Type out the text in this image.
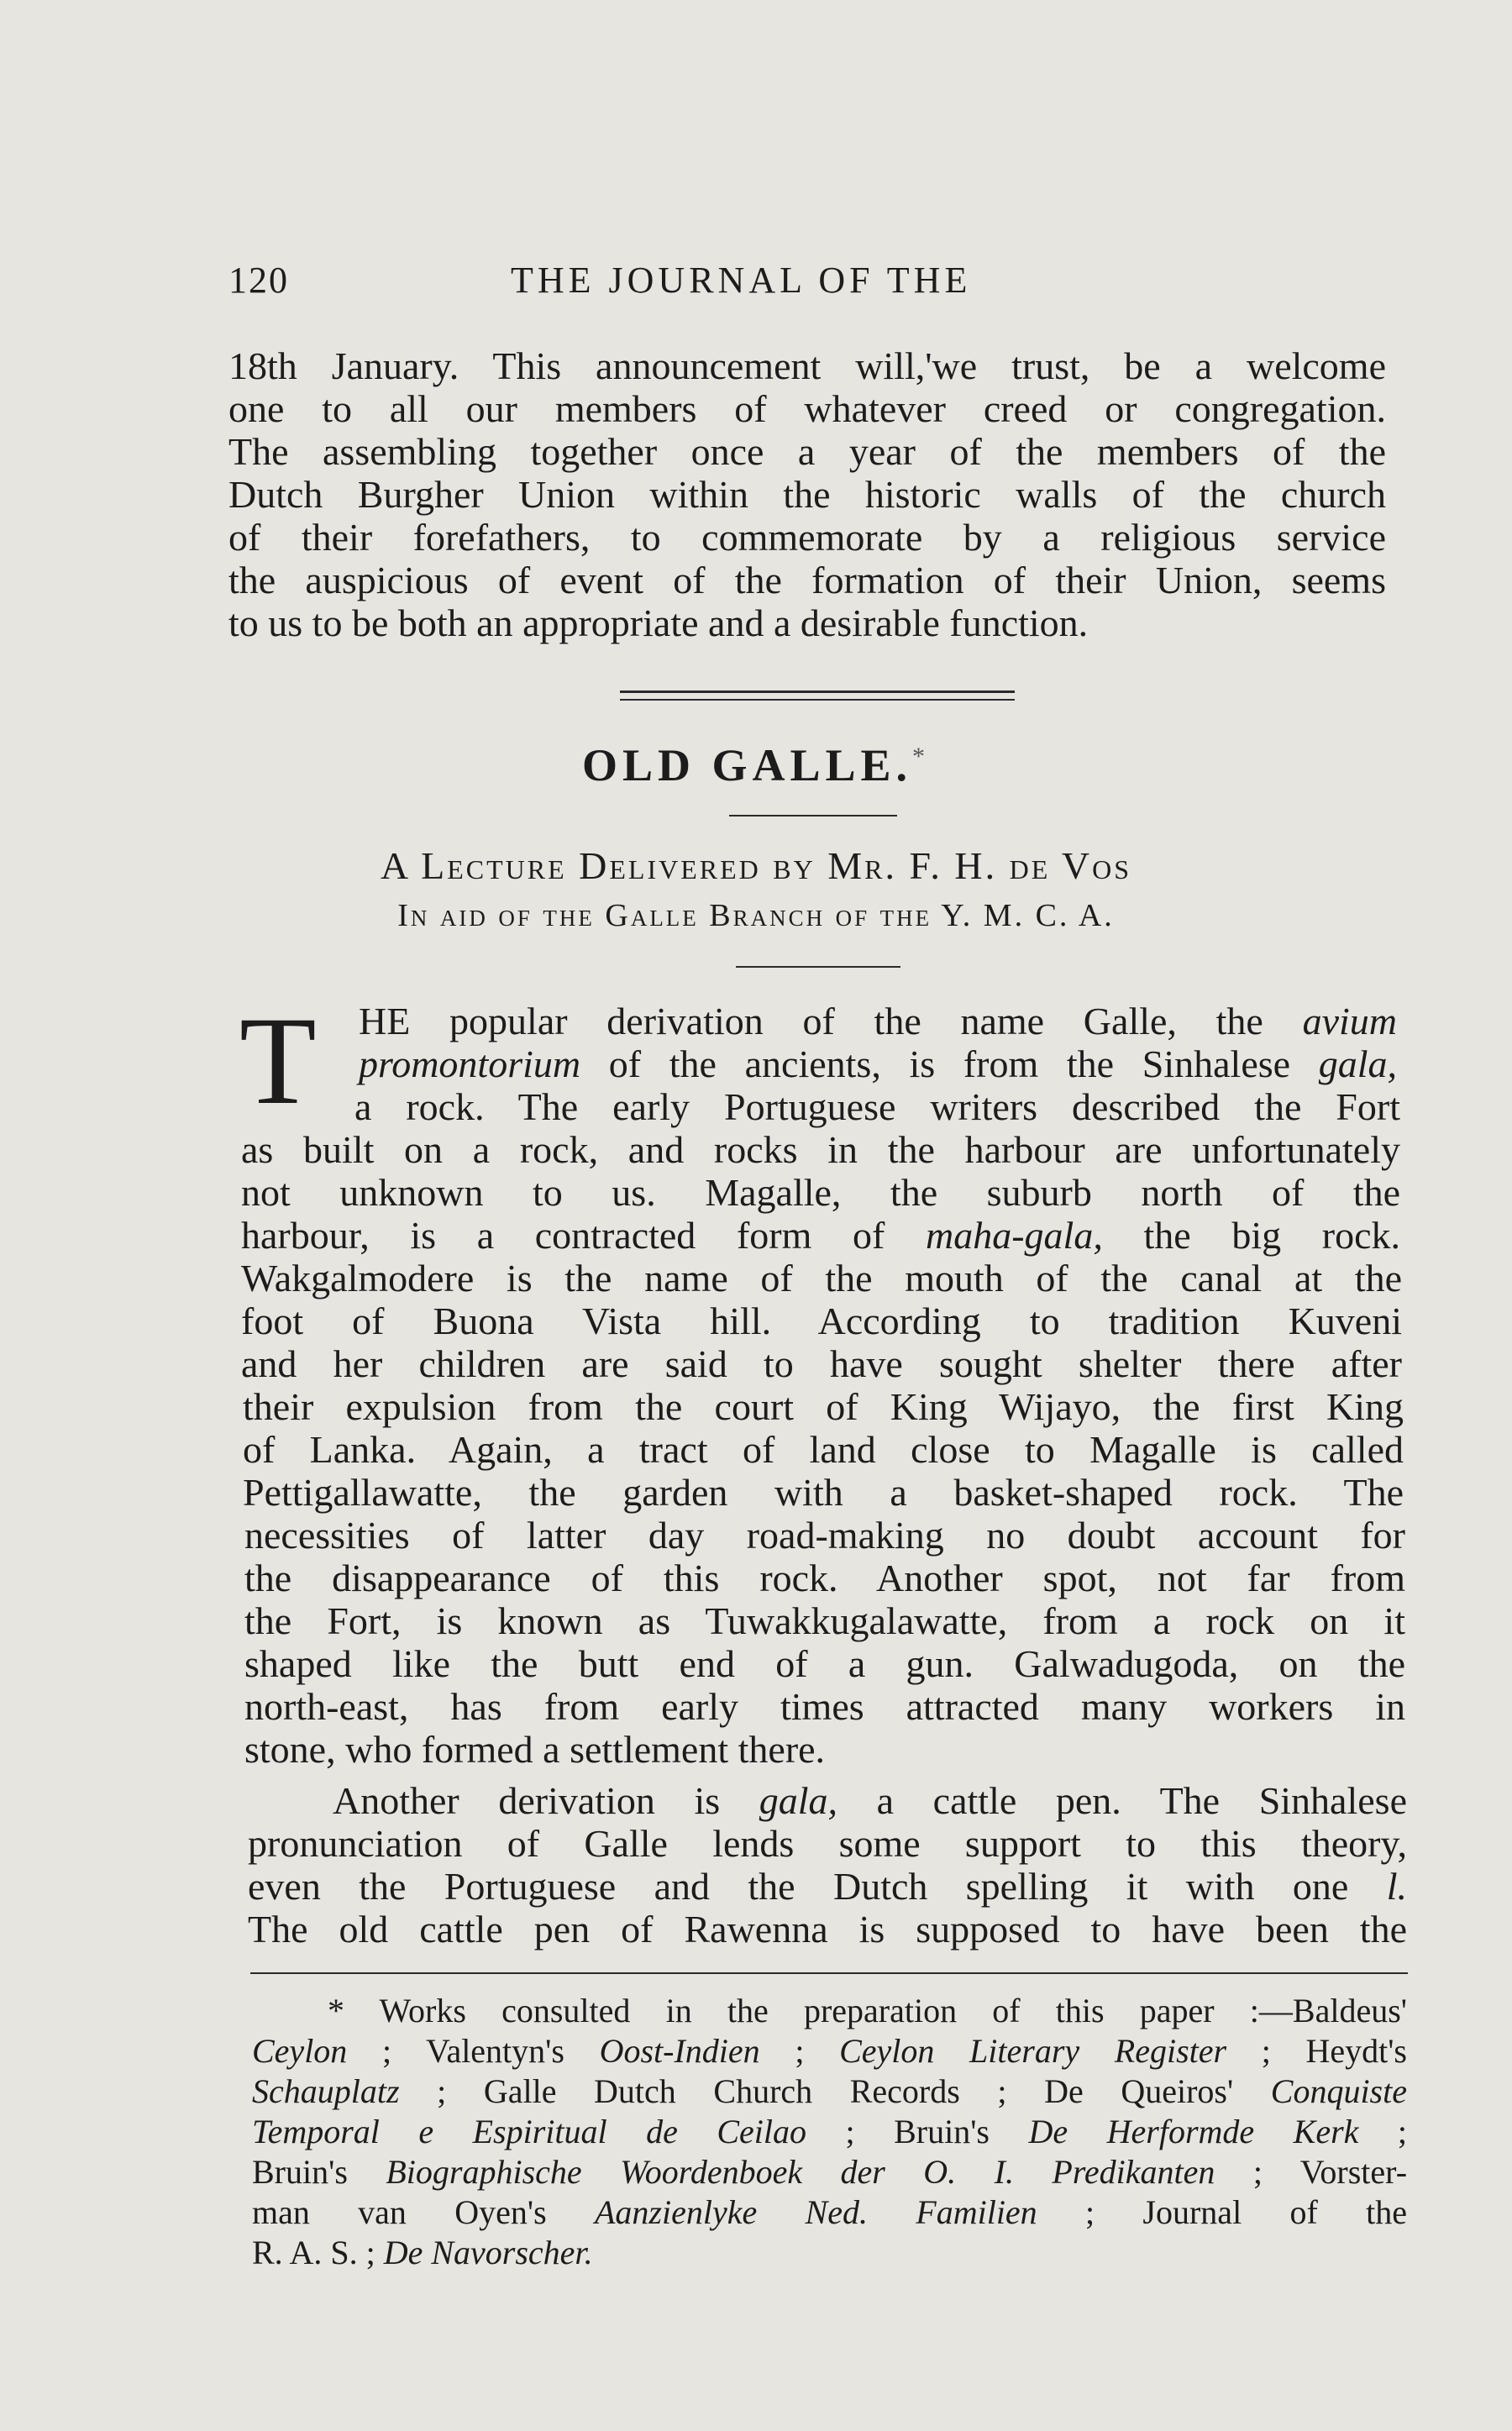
120	THE JOURNAL OF THE
18th January. This announcement will,'we trust, be a welcome
one to all our members of whatever creed or congregation.
The assembling together once a year of the members of the
Dutch Burgher Union within the historic walls of the church
of their forefathers, to commemorate by a religious service
the auspicious of event of the formation of their Union, seems
to us to be both an appropriate and a desirable function.
OLD GALLE.*
A Lecture Delivered by Mr. F. H. de Vos
In aid of the Galle Branch of the Y. M. C. A.
T HE popular derivation of the name Galle, the avium
promontorium of the ancients, is from the Sinhalese gala,
a rock. The early Portuguese writers described the Fort
as built on a rock, and rocks in the harbour are unfortunately
not unknown to us. Magalle, the suburb north of the
harbour, is a contracted form of maha-gala, the big rock.
Wakgalmodere is the name of the mouth of the canal at the
foot of Buona Vista hill. According to tradition Kuveni
and her children are said to have sought shelter there after
their expulsion from the court of King Wijayo, the first King
of Lanka. Again, a tract of land close to Magalle is called
Pettigallawatte, the garden with a basket-shaped rock. The
necessities of latter day road-making no doubt account for
the disappearance of this rock. Another spot, not far from
the Fort, is known as Tuwakkugalawatte, from a rock on it
shaped like the butt end of a gun. Galwadugoda, on the
north-east, has from early times attracted many workers in
stone, who formed a settlement there.
Another derivation is gala, a cattle pen. The Sinhalese
pronunciation of Galle lends some support to this theory,
even the Portuguese and the Dutch spelling it with one l.
The old cattle pen of Rawenna is supposed to have been the
* Works consulted in the preparation of this paper :—Baldeus'
Ceylon ; Valentyn's Oost-Indien ; Ceylon Literary Register ; Heydt's
Schauplatz ; Galle Dutch Church Records ; De Queiros' Conquiste
Temporal e Espiritual de Ceilao ; Bruin's De Herformde Kerk ;
Bruin's Biographische Woordenboek der O. I. Predikanten ; Vorster-
man van Oyen's Aanzienlyke Ned. Familien ; Journal of the
R. A. S. ; De Navorscher.
